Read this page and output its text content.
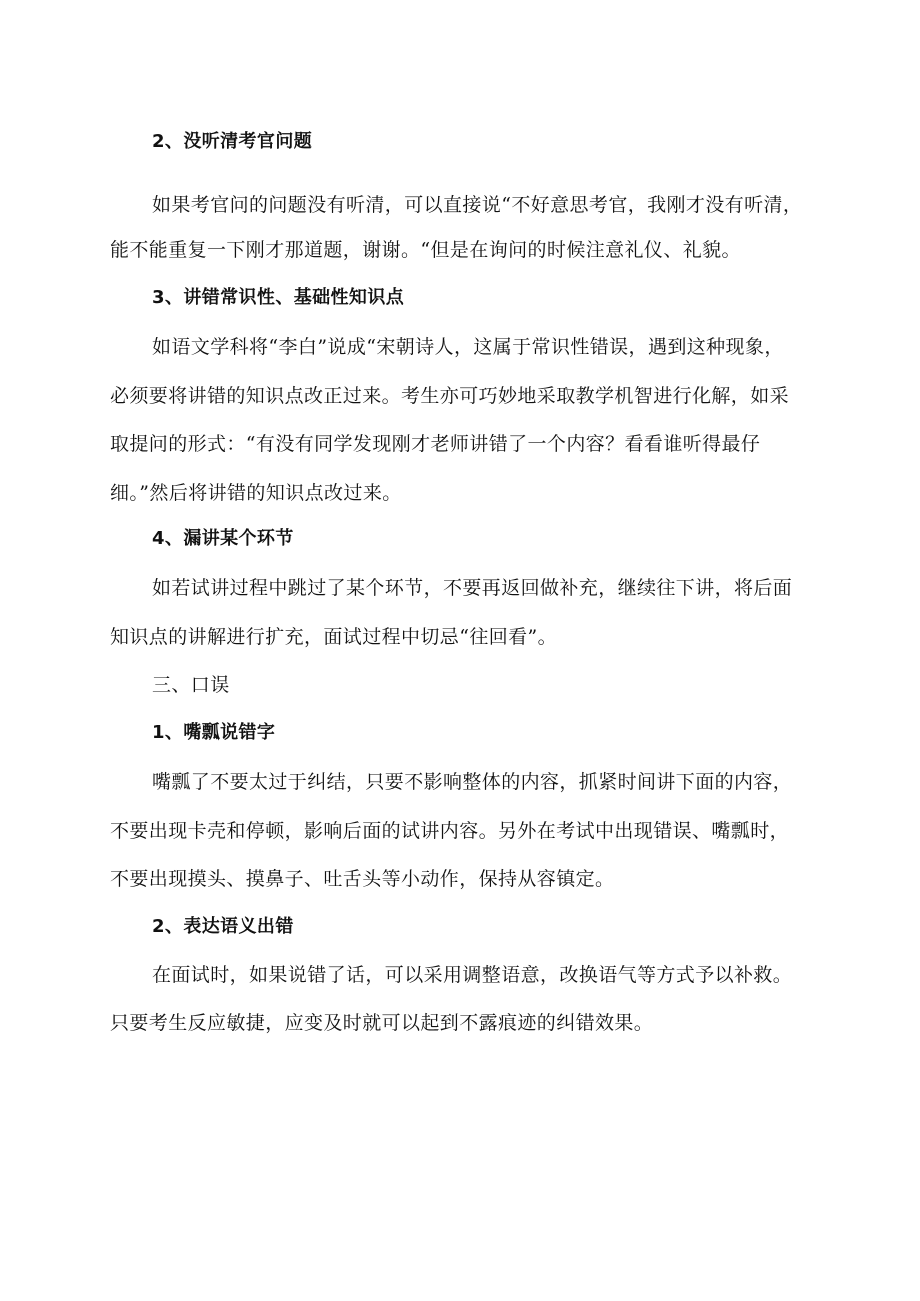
2、没听清考官问题
如果考官问的问题没有听清，可以直接说“不好意思考官，我刚才没有听清，
能不能重复一下刚才那道题，谢谢。“但是在询问的时候注意礼仪、礼貌。
3、讲错常识性、基础性知识点
如语文学科将“李白”说成“宋朝诗人，这属于常识性错误，遇到这种现象，
必须要将讲错的知识点改正过来。考生亦可巧妙地采取教学机智进行化解，如采
取提问的形式：“有没有同学发现刚才老师讲错了一个内容？看看谁听得最仔
细。”然后将讲错的知识点改过来。
4、漏讲某个环节
如若试讲过程中跳过了某个环节，不要再返回做补充，继续往下讲，将后面
知识点的讲解进行扩充，面试过程中切忌“往回看”。
三、口误
1、嘴瓢说错字
嘴瓢了不要太过于纠结，只要不影响整体的内容，抓紧时间讲下面的内容，
不要出现卡壳和停顿，影响后面的试讲内容。另外在考试中出现错误、嘴瓢时，
不要出现摸头、摸鼻子、吐舌头等小动作，保持从容镇定。
2、表达语义出错
在面试时，如果说错了话，可以采用调整语意，改换语气等方式予以补救。
只要考生反应敏捷，应变及时就可以起到不露痕迹的纠错效果。
